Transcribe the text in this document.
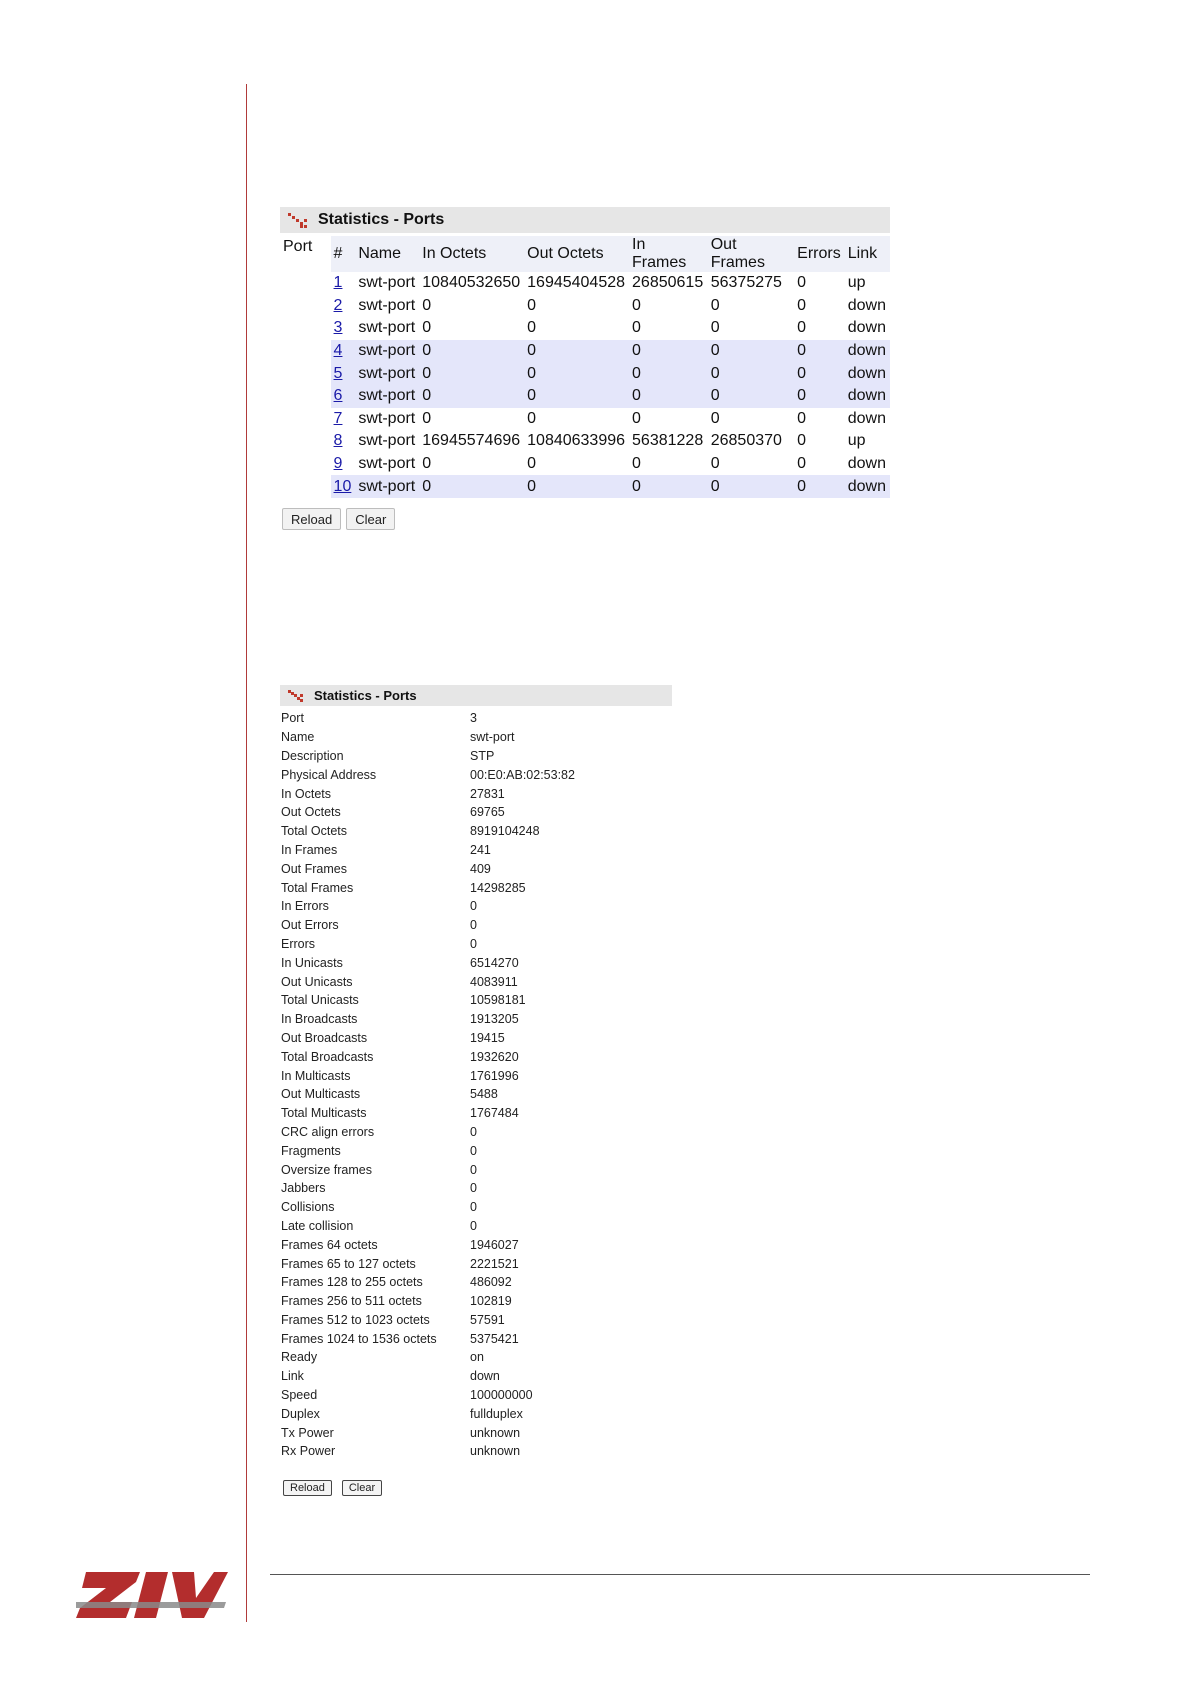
Statistics - Ports
Port	#	Name	In Octets	Out Octets	In Frames	Out Frames	Errors	Link
1	swt-port	10840532650	16945404528	26850615	56375275	0	up
2	swt-port	0	0	0	0	0	down
3	swt-port	0	0	0	0	0	down
4	swt-port	0	0	0	0	0	down
5	swt-port	0	0	0	0	0	down
6	swt-port	0	0	0	0	0	down
7	swt-port	0	0	0	0	0	down
8	swt-port	16945574696	10840633996	56381228	26850370	0	up
9	swt-port	0	0	0	0	0	down
10	swt-port	0	0	0	0	0	down
Reload	Clear
Statistics - Ports
Port	3
Name	swt-port
Description	STP
Physical Address	00:E0:AB:02:53:82
In Octets	27831
Out Octets	69765
Total Octets	8919104248
In Frames	241
Out Frames	409
Total Frames	14298285
In Errors	0
Out Errors	0
Errors	0
In Unicasts	6514270
Out Unicasts	4083911
Total Unicasts	10598181
In Broadcasts	1913205
Out Broadcasts	19415
Total Broadcasts	1932620
In Multicasts	1761996
Out Multicasts	5488
Total Multicasts	1767484
CRC align errors	0
Fragments	0
Oversize frames	0
Jabbers	0
Collisions	0
Late collision	0
Frames 64 octets	1946027
Frames 65 to 127 octets	2221521
Frames 128 to 255 octets	486092
Frames 256 to 511 octets	102819
Frames 512 to 1023 octets	57591
Frames 1024 to 1536 octets	5375421
Ready	on
Link	down
Speed	100000000
Duplex	fullduplex
Tx Power	unknown
Rx Power	unknown
Reload	Clear
